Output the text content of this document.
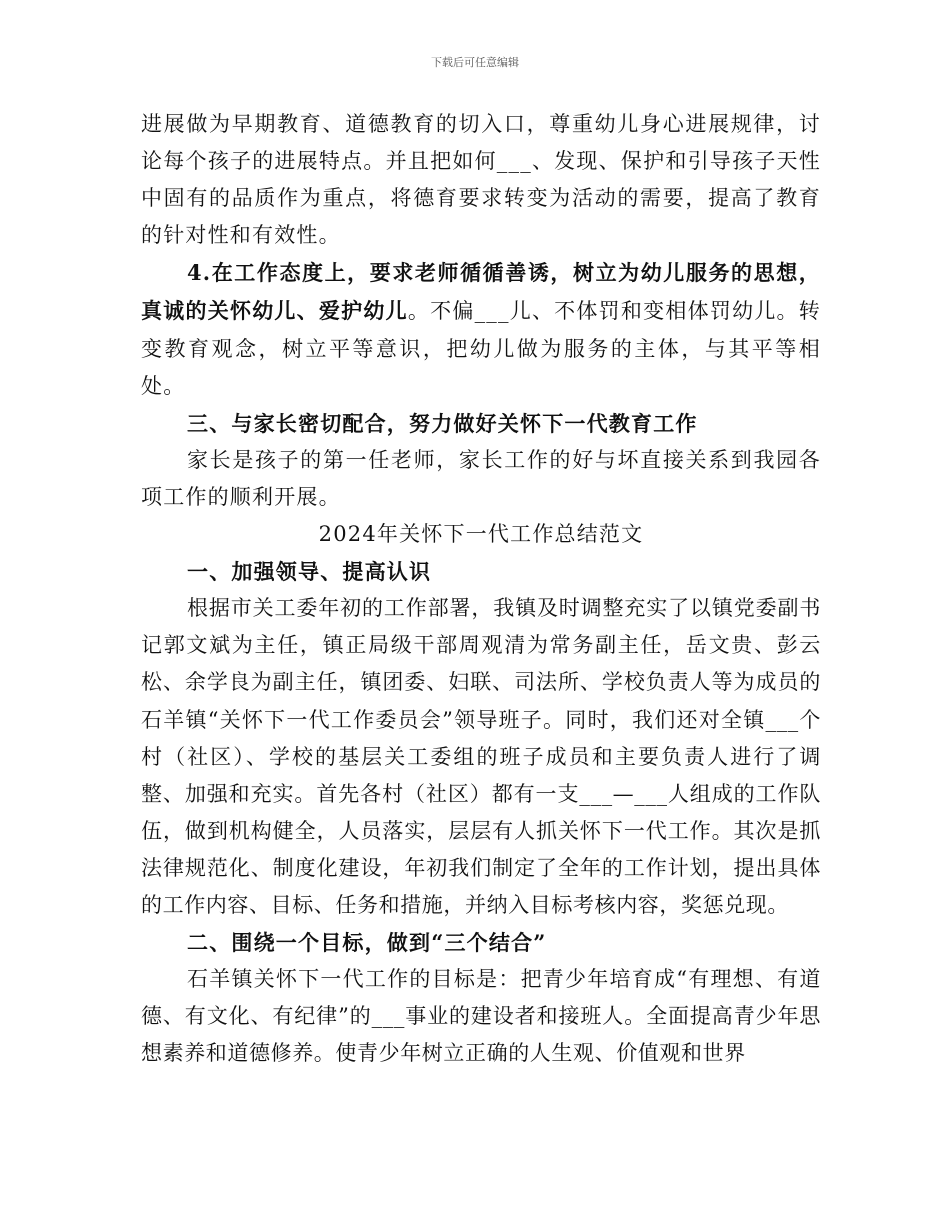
下载后可任意编辑

进展做为早期教育、道德教育的切入口，尊重幼儿身心进展规律，讨论每个孩子的进展特点。并且把如何___、发现、保护和引导孩子天性中固有的品质作为重点，将德育要求转变为活动的需要，提高了教育的针对性和有效性。

4.在工作态度上，要求老师循循善诱，树立为幼儿服务的思想，真诚的关怀幼儿、爱护幼儿。不偏___儿、不体罚和变相体罚幼儿。转变教育观念，树立平等意识，把幼儿做为服务的主体，与其平等相处。

三、与家长密切配合，努力做好关怀下一代教育工作

家长是孩子的第一任老师，家长工作的好与坏直接关系到我园各项工作的顺利开展。

2024年关怀下一代工作总结范文

一、加强领导、提高认识

根据市关工委年初的工作部署，我镇及时调整充实了以镇党委副书记郭文斌为主任，镇正局级干部周观清为常务副主任，岳文贵、彭云松、余学良为副主任，镇团委、妇联、司法所、学校负责人等为成员的石羊镇“关怀下一代工作委员会”领导班子。同时，我们还对全镇___个村（社区）、学校的基层关工委组的班子成员和主要负责人进行了调整、加强和充实。首先各村（社区）都有一支___—___人组成的工作队伍，做到机构健全，人员落实，层层有人抓关怀下一代工作。其次是抓法律规范化、制度化建设，年初我们制定了全年的工作计划，提出具体的工作内容、目标、任务和措施，并纳入目标考核内容，奖惩兑现。

二、围绕一个目标，做到“三个结合”

石羊镇关怀下一代工作的目标是：把青少年培育成“有理想、有道德、有文化、有纪律”的___事业的建设者和接班人。全面提高青少年思想素养和道德修养。使青少年树立正确的人生观、价值观和世界
